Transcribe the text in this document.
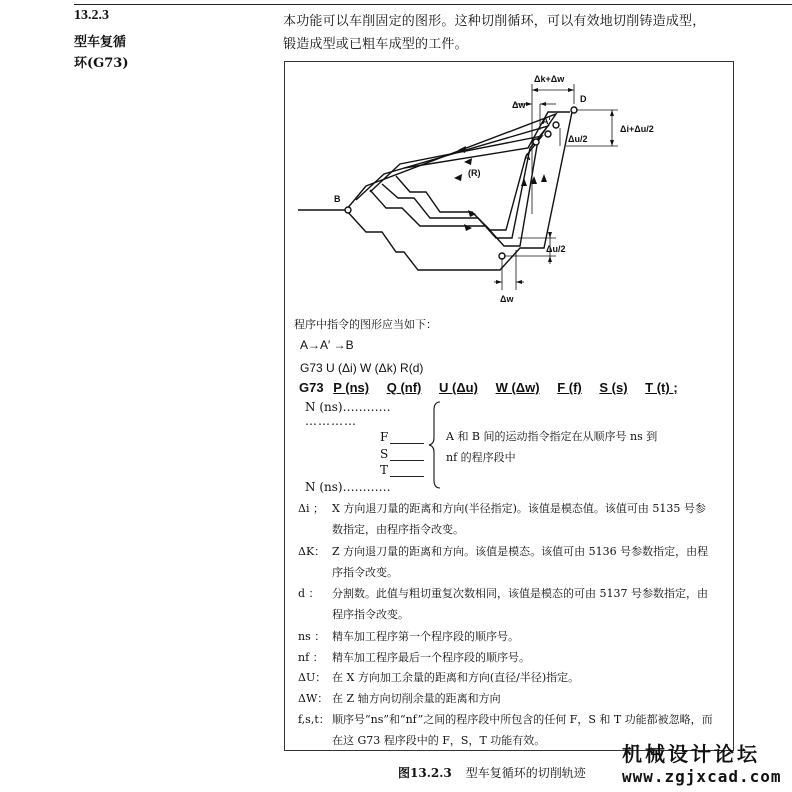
13.2.3
型车复循
环(G73)
本功能可以车削固定的图形。这种切削循环，可以有效地切削铸造成型，
锻造成型或已粗车成型的工件。
Δk+Δw
Δw
D
Δi+Δu/2
Δu/2
A'
A
(R)
B
Δu/2
Δw
程序中指令的图形应当如下：
A→A′ →B
G73 U (Δi) W (Δk) R(d)
G73 P (ns) Q (nf) U (Δu) W (Δw) F (f) S (s) T (t) ;
N (ns)…………
…………
F
S
T
A 和 B 间的运动指令指定在从顺序号 ns 到
nf 的程序段中
N (ns)…………
Δi ； X 方向退刀量的距离和方向(半径指定)。该值是模态值。该值可由 5135 号参
数指定，由程序指令改变。
ΔK： Z 方向退刀量的距离和方向。该值是模态。该值可由 5136 号参数指定，由程
序指令改变。
d ： 分割数。此值与粗切重复次数相同，该值是模态的可由 5137 号参数指定，由
程序指令改变。
ns ： 精车加工程序第一个程序段的顺序号。
nf ： 精车加工程序最后一个程序段的顺序号。
ΔU： 在 X 方向加工余量的距离和方向(直径/半径)指定。
ΔW： 在 Z 轴方向切削余量的距离和方向
f,s,t： 顺序号“ns”和“nf”之间的程序段中所包含的任何 F，S 和 T 功能都被忽略，而
在这 G73 程序段中的 F，S，T 功能有效。
图13.2.3 型车复循环的切削轨迹
机械设计论坛
www.zgjxcad.com
